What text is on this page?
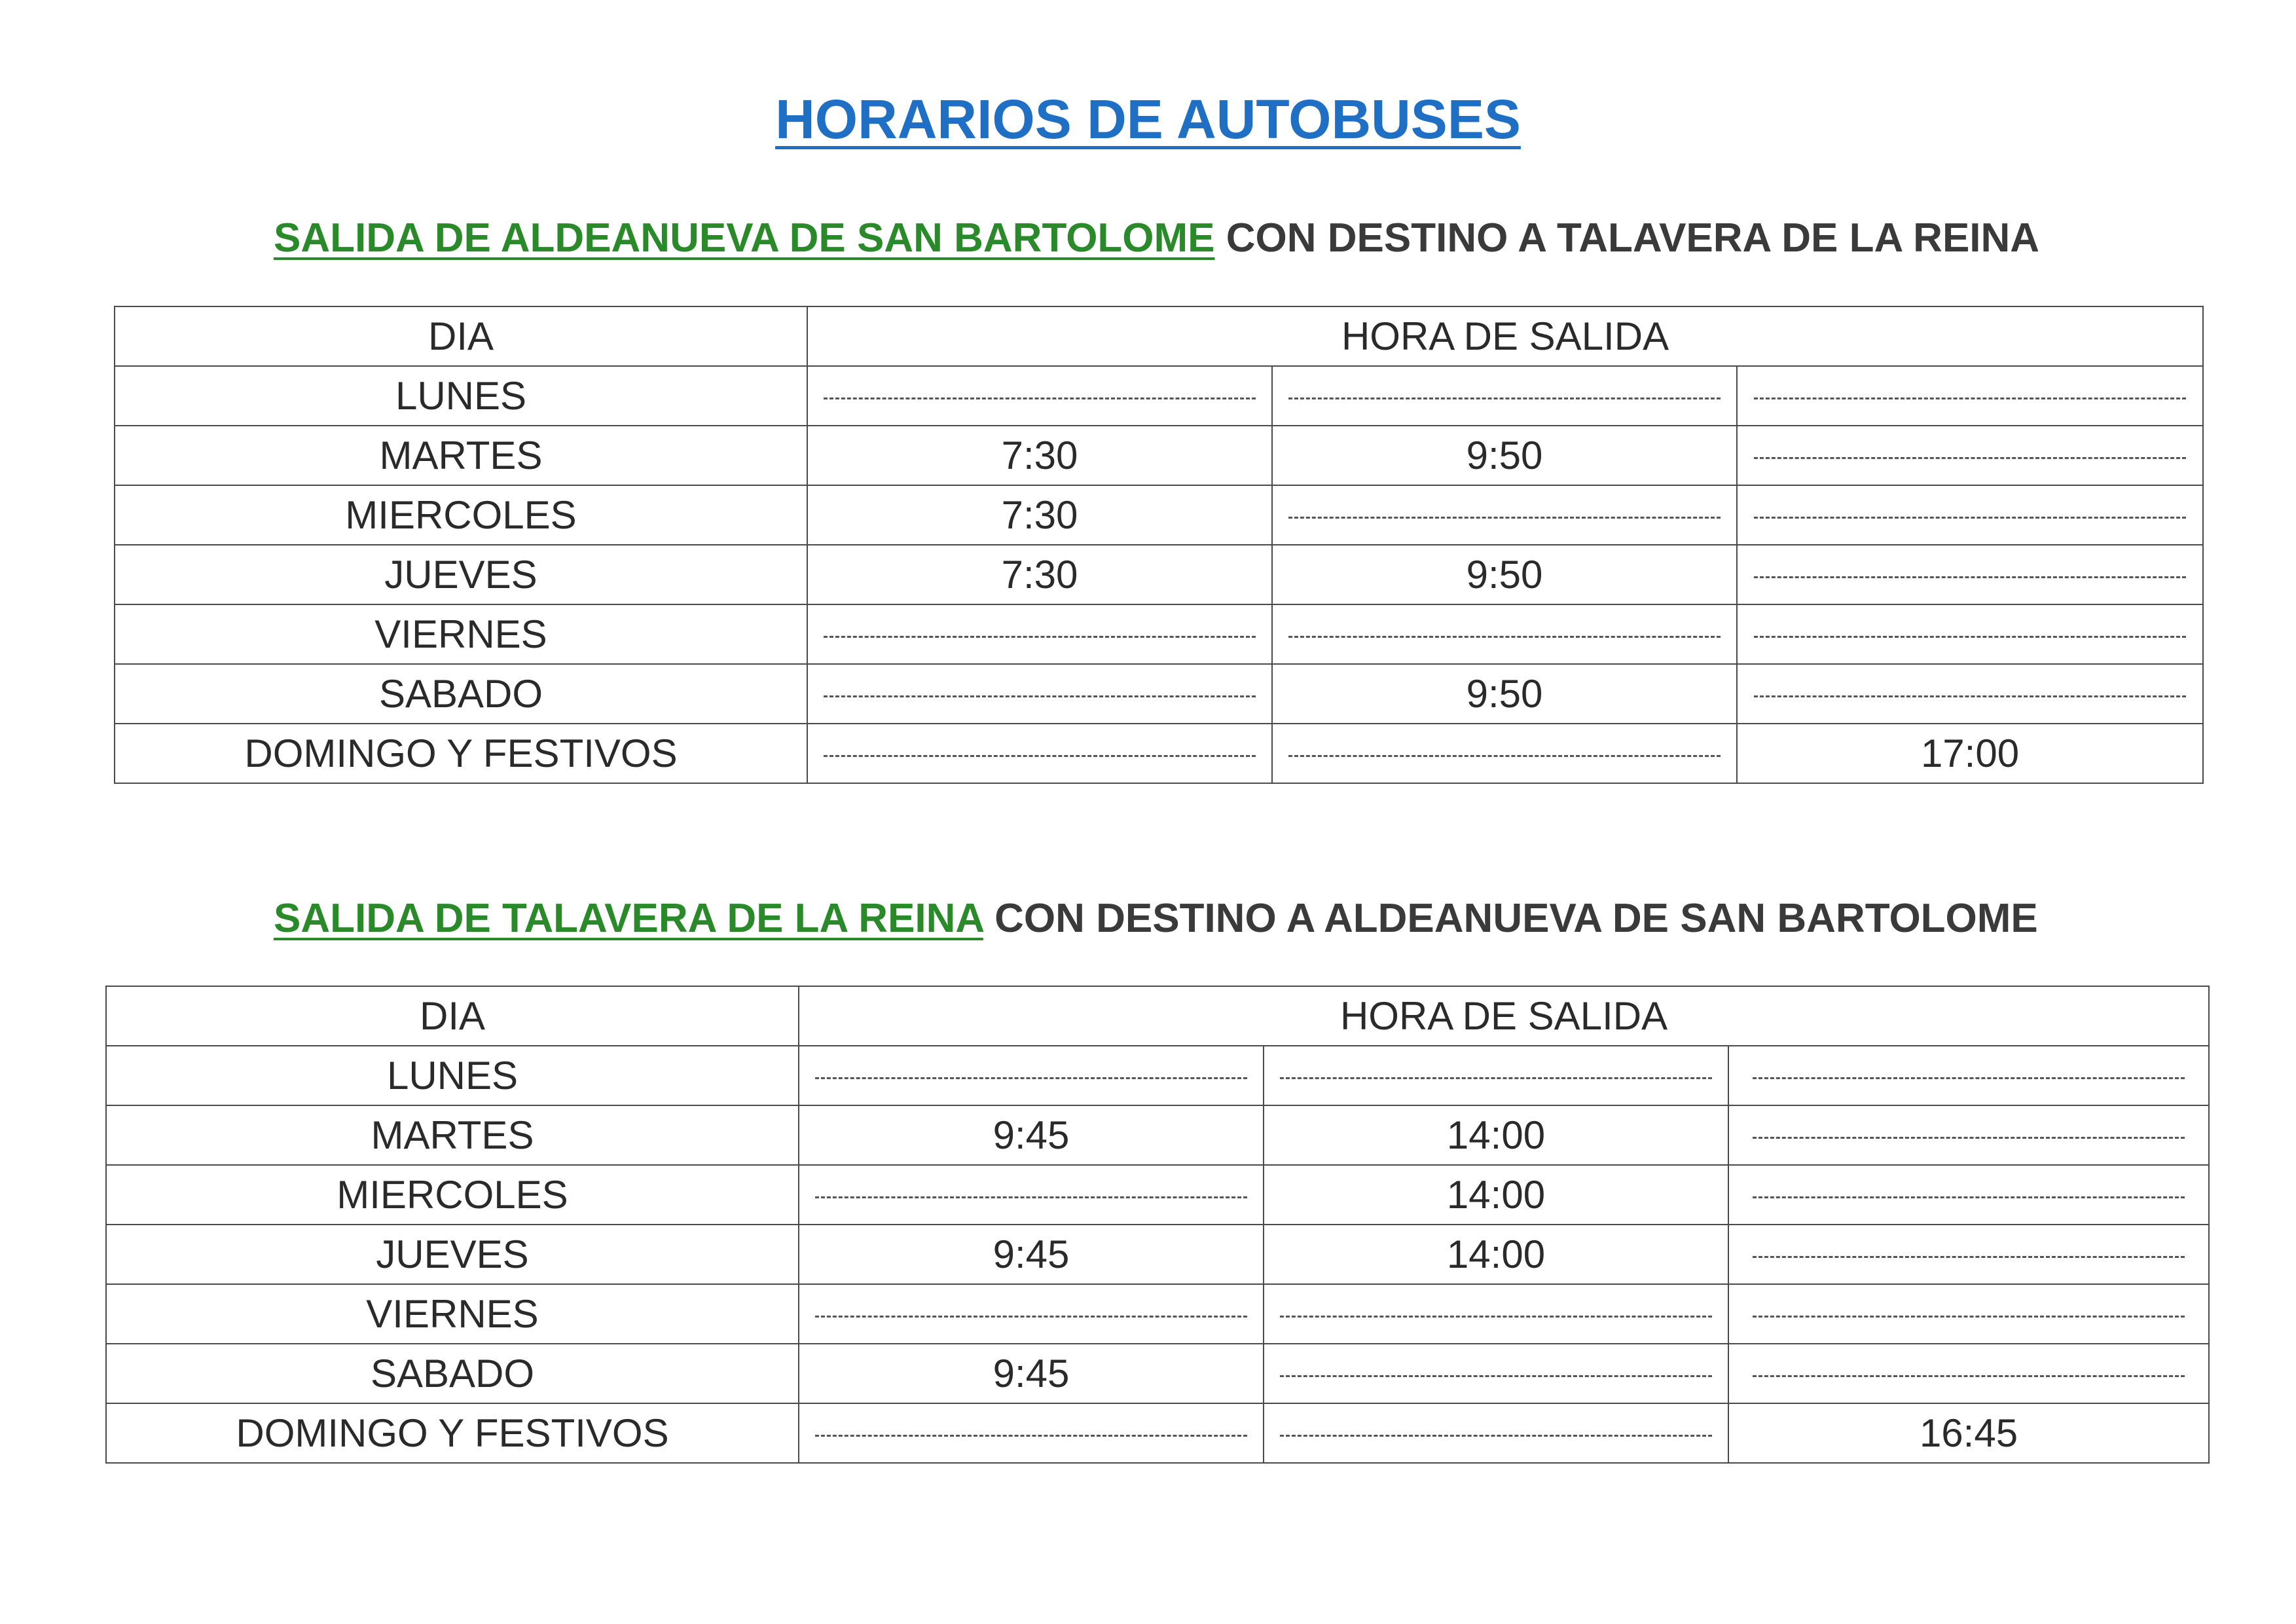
HORARIOS DE AUTOBUSES
SALIDA DE ALDEANUEVA DE SAN BARTOLOME CON DESTINO A TALAVERA DE LA REINA
DIA	HORA DE SALIDA		
LUNES			
MARTES	7:30	9:50	
MIERCOLES	7:30		
JUEVES	7:30	9:50	
VIERNES			
SABADO		9:50	
DOMINGO Y FESTIVOS			17:00
SALIDA DE TALAVERA DE LA REINA CON DESTINO A ALDEANUEVA DE SAN BARTOLOME
DIA	HORA DE SALIDA		
LUNES			
MARTES	9:45	14:00	
MIERCOLES		14:00	
JUEVES	9:45	14:00	
VIERNES			
SABADO	9:45		
DOMINGO Y FESTIVOS			16:45
